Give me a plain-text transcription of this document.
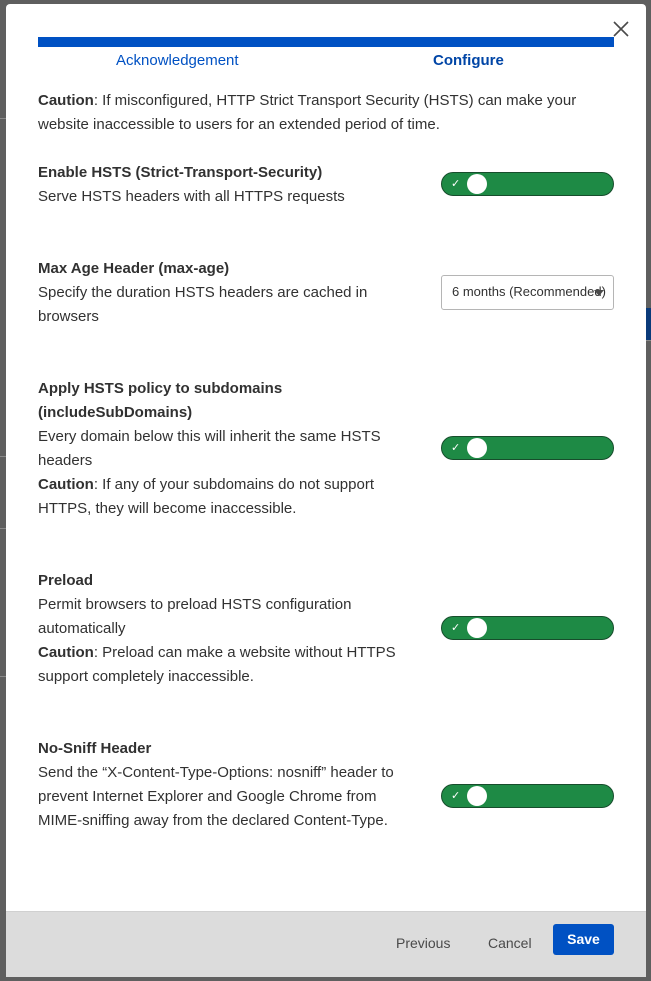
Acknowledgement	Configure
Caution: If misconfigured, HTTP Strict Transport Security (HSTS) can make your website inaccessible to users for an extended period of time.
Enable HSTS (Strict-Transport-Security)
Serve HSTS headers with all HTTPS requests
✓
Max Age Header (max-age)
Specify the duration HSTS headers are cached in browsers
6 months (Recommended)
Apply HSTS policy to subdomains (includeSubDomains)
Every domain below this will inherit the same HSTS headers
Caution: If any of your subdomains do not support HTTPS, they will become inaccessible.
✓
Preload
Permit browsers to preload HSTS configuration automatically
Caution: Preload can make a website without HTTPS support completely inaccessible.
✓
No-Sniff Header
Send the “X-Content-Type-Options: nosniff” header to prevent Internet Explorer and Google Chrome from MIME-sniffing away from the declared Content-Type.
✓
Previous	Cancel	Save
